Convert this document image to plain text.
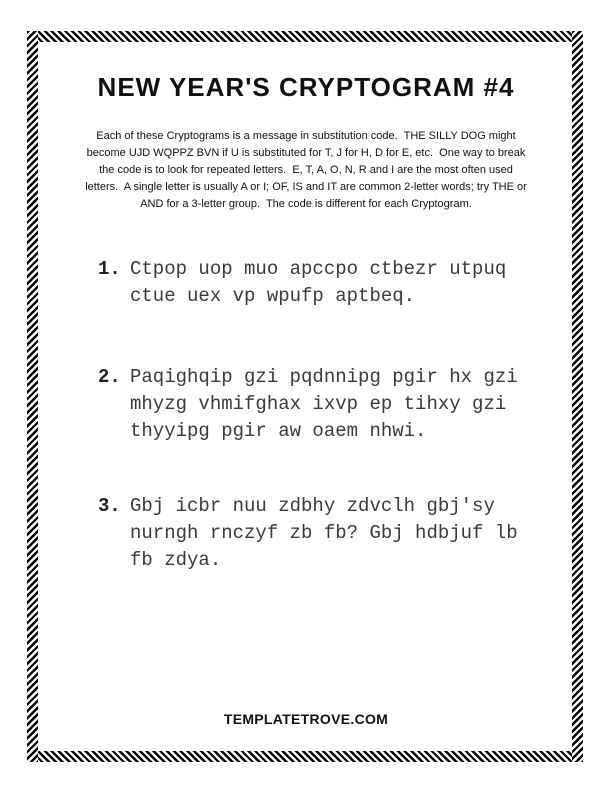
NEW YEAR'S CRYPTOGRAM #4
Each of these Cryptograms is a message in substitution code.  THE SILLY DOG might
become UJD WQPPZ BVN if U is substituted for T, J for H, D for E, etc.  One way to break
the code is to look for repeated letters.  E, T, A, O, N, R and I are the most often used
letters.  A single letter is usually A or I; OF, IS and IT are common 2-letter words; try THE or
AND for a 3-letter group.  The code is different for each Cryptogram.
1. Ctpop uop muo apccpo ctbezr utpuq
ctue uex vp wpufp aptbeq.
2. Paqighqip gzi pqdnnipg pgir hx gzi
mhyzg vhmifghax ixvp ep tihxy gzi
thyyipg pgir aw oaem nhwi.
3. Gbj icbr nuu zdbhy zdvclh gbj'sy
nurngh rnczyf zb fb? Gbj hdbjuf lb
fb zdya.
TEMPLATETROVE.COM
